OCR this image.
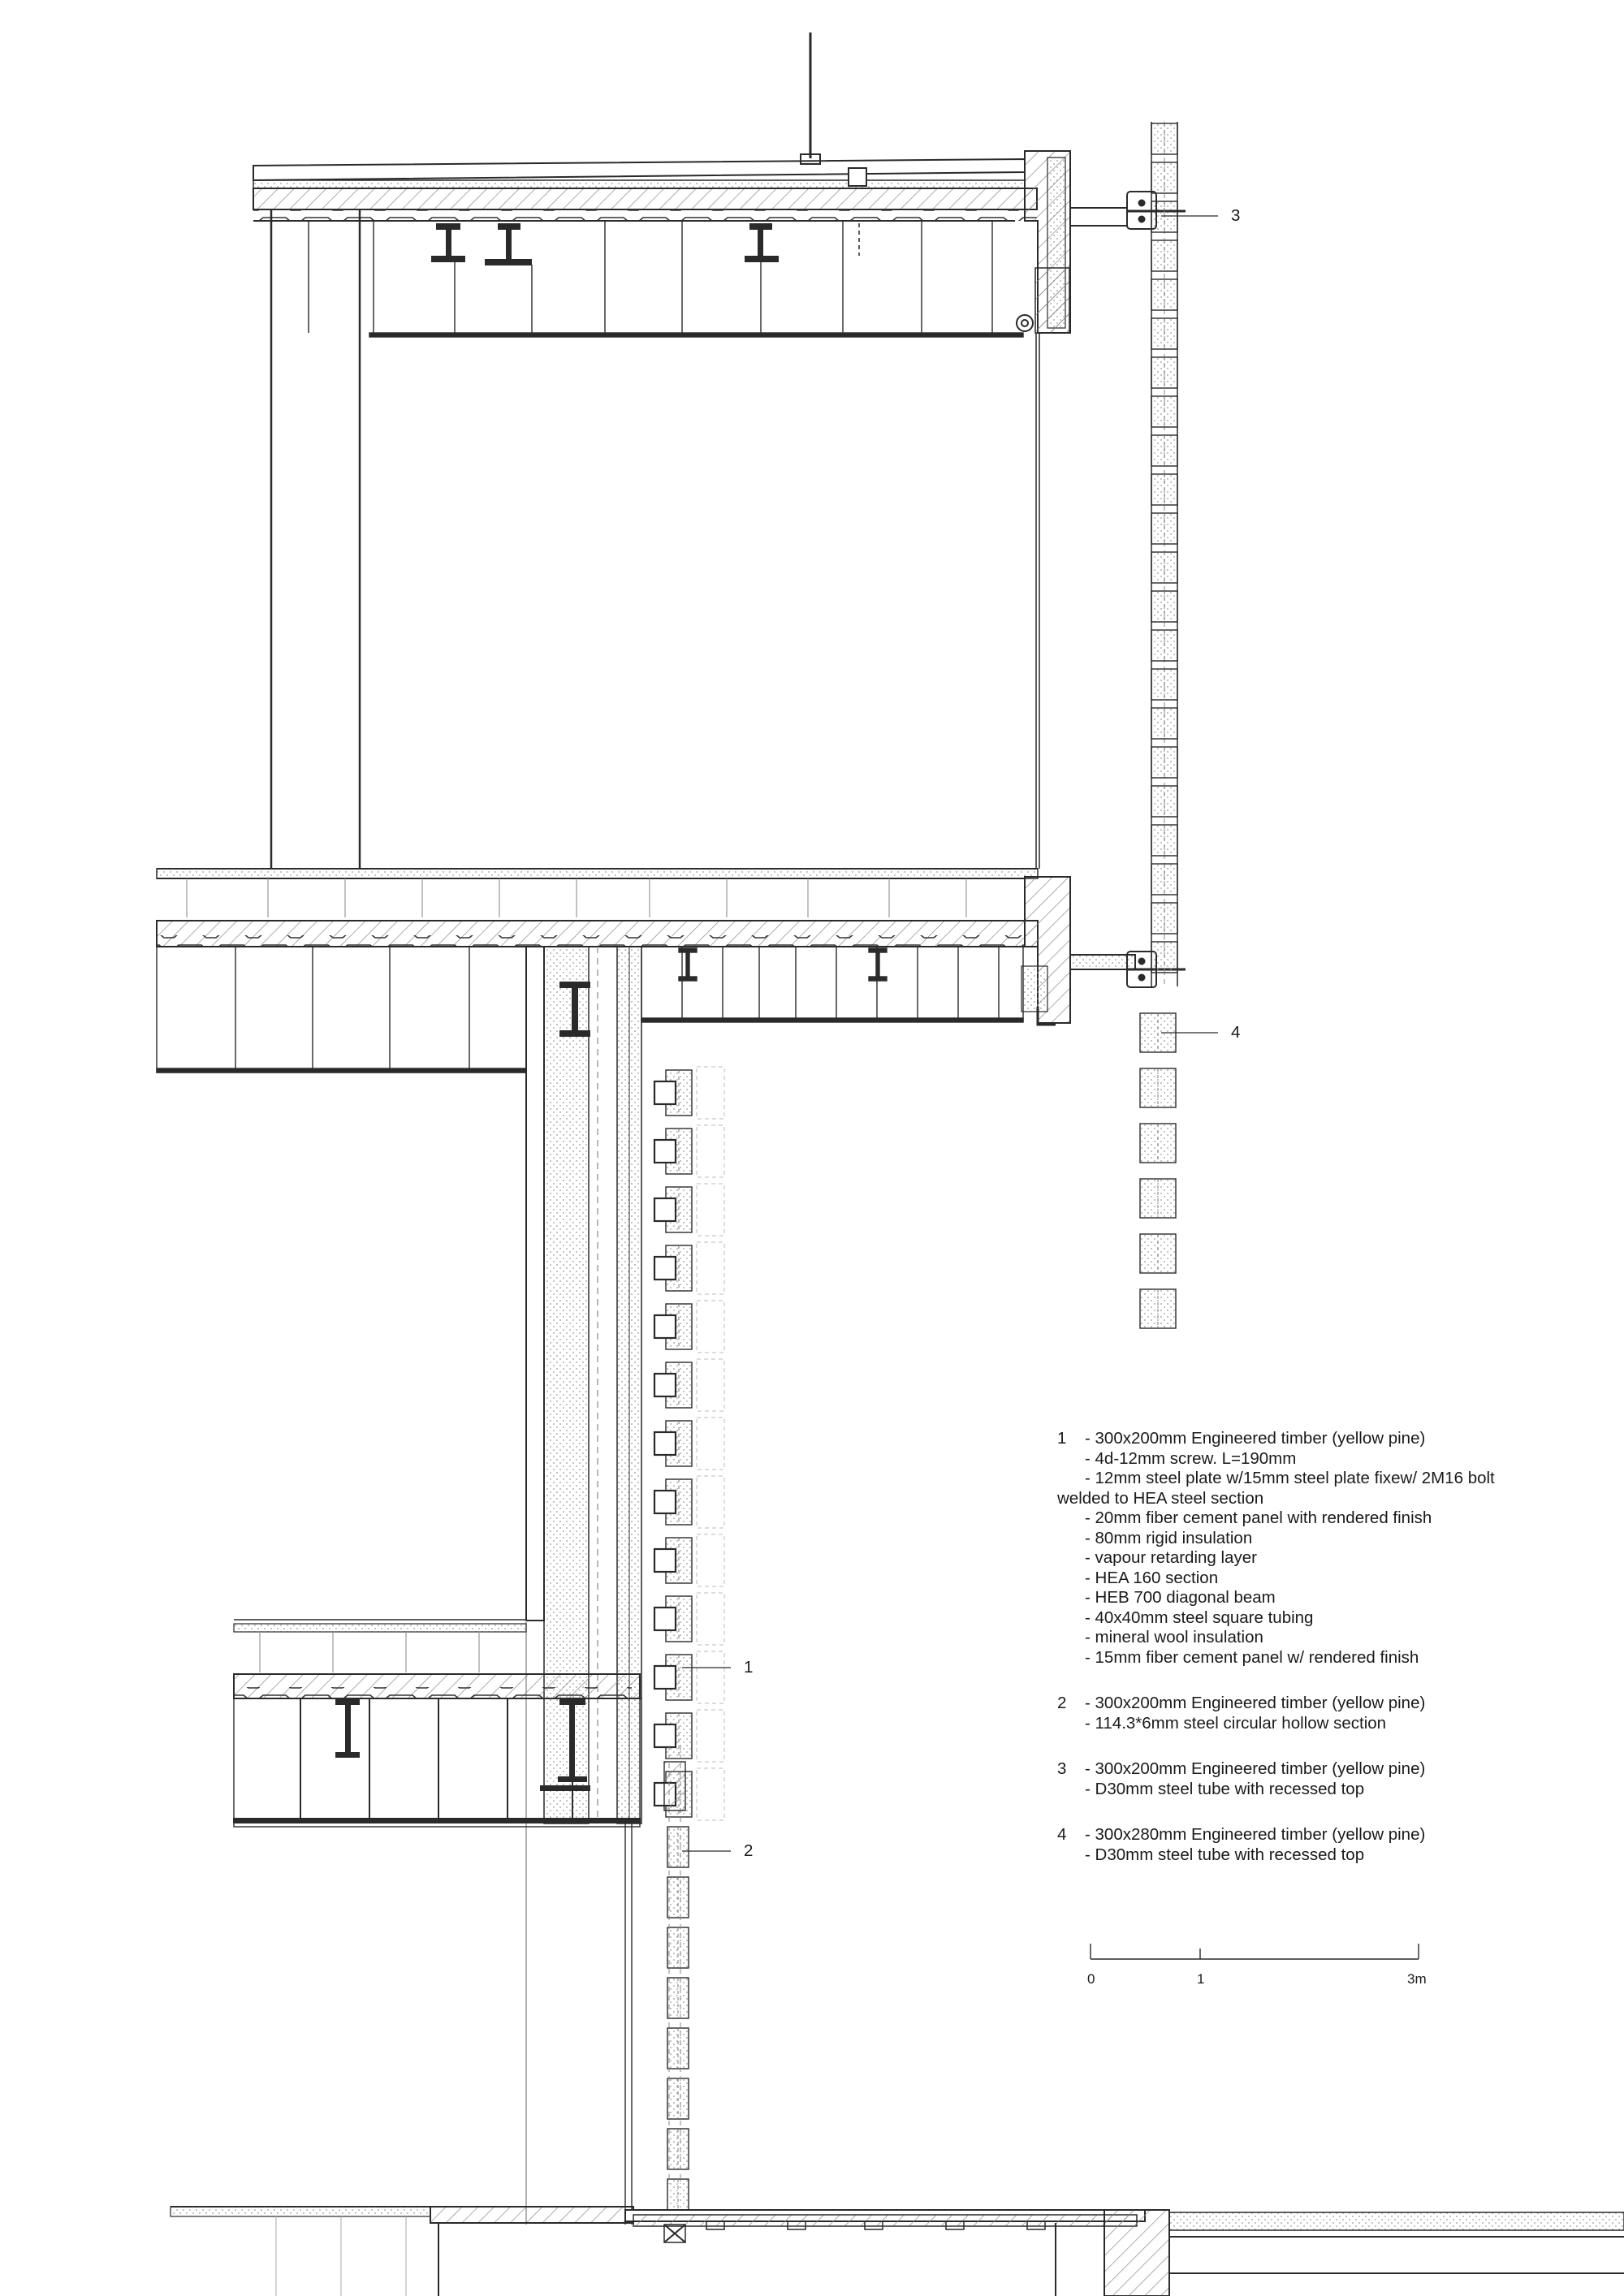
3
4
1
2
1 - 300x200mm Engineered timber (yellow pine)
- 4d-12mm screw. L=190mm
- 12mm steel plate w/15mm steel plate fixew/ 2M16 bolt
welded to HEA steel section
- 20mm fiber cement panel with rendered finish
- 80mm rigid insulation
- vapour retarding layer
- HEA 160 section
- HEB 700 diagonal beam
- 40x40mm steel square tubing
- mineral wool insulation
- 15mm fiber cement panel w/ rendered finish
2 - 300x200mm Engineered timber (yellow pine)
- 114.3*6mm steel circular hollow section
3 - 300x200mm Engineered timber (yellow pine)
- D30mm steel tube with recessed top
4 - 300x280mm Engineered timber (yellow pine)
- D30mm steel tube with recessed top
0	1	3m
